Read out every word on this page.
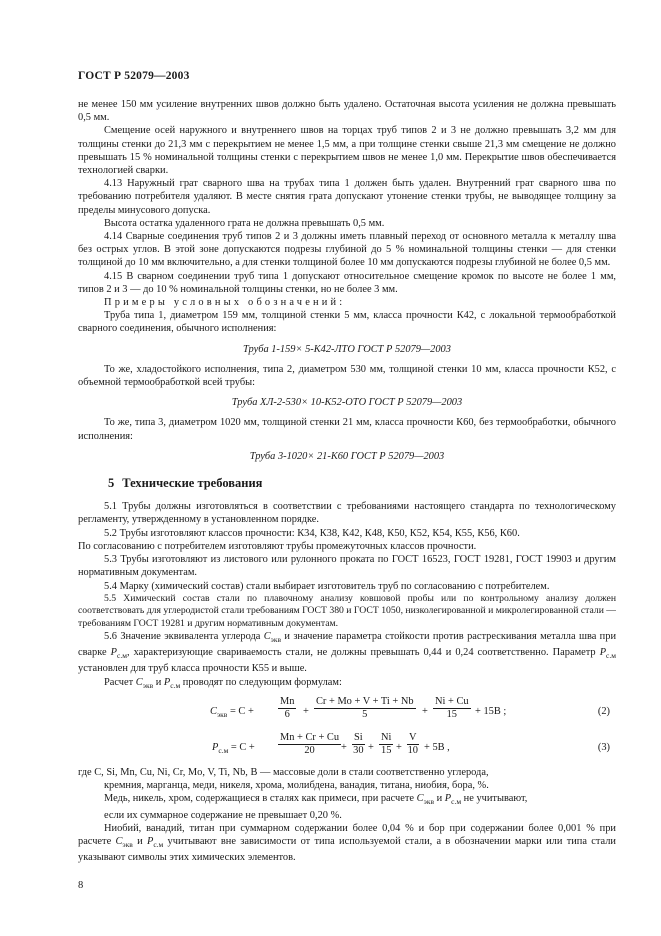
ГОСТ Р 52079—2003

не менее 150 мм усиление внутренних швов должно быть удалено. Остаточная высота усиления не должна превышать 0,5 мм.

Смещение осей наружного и внутреннего швов на торцах труб типов 2 и 3 не должно превышать 3,2 мм для толщины стенки до 21,3 мм с перекрытием не менее 1,5 мм, а при толщине стенки свыше 21,3 мм смещение не должно превышать 15 % номинальной толщины стенки с перекрытием швов не менее 1,0 мм. Перекрытие швов обеспечивается технологией сварки.

4.13 Наружный грат сварного шва на трубах типа 1 должен быть удален. Внутренний грат сварного шва по требованию потребителя удаляют. В месте снятия грата допускают утонение стенки трубы, не выводящее толщину за пределы минусового допуска.

Высота остатка удаленного грата не должна превышать 0,5 мм.

4.14 Сварные соединения труб типов 2 и 3 должны иметь плавный переход от основного металла к металлу шва без острых углов. В этой зоне допускаются подрезы глубиной до 5 % номинальной толщины стенки — для стенки толщиной до 10 мм включительно, а для стенки толщиной более 10 мм допускаются подрезы глубиной не более 0,5 мм.

4.15 В сварном соединении труб типа 1 допускают относительное смещение кромок по высоте не более 1 мм, типов 2 и 3 — до 10 % номинальной толщины стенки, но не более 3 мм.

Примеры условных обозначений:

Труба типа 1, диаметром 159 мм, толщиной стенки 5 мм, класса прочности К42, с локальной термообработкой сварного соединения, обычного исполнения:

Труба 1-159× 5-К42-ЛТО ГОСТ Р 52079—2003

То же, хладостойкого исполнения, типа 2, диаметром 530 мм, толщиной стенки 10 мм, класса прочности К52, с объемной термообработкой всей трубы:

Труба ХЛ-2-530× 10-К52-ОТО ГОСТ Р 52079—2003

То же, типа 3, диаметром 1020 мм, толщиной стенки 21 мм, класса прочности К60, без термообработки, обычного исполнения:

Труба 3-1020× 21-К60 ГОСТ Р 52079—2003

5 Технические требования

5.1 Трубы должны изготовляться в соответствии с требованиями настоящего стандарта по технологическому регламенту, утвержденному в установленном порядке.

5.2 Трубы изготовляют классов прочности: К34, К38, К42, К48, К50, К52, К54, К55, К56, К60.

По согласованию с потребителем изготовляют трубы промежуточных классов прочности.

5.3 Трубы изготовляют из листового или рулонного проката по ГОСТ 16523, ГОСТ 19281, ГОСТ 19903 и другим нормативным документам.

5.4 Марку (химический состав) стали выбирает изготовитель труб по согласованию с потребителем.

5.5 Химический состав стали по плавочному анализу ковшовой пробы или по контрольному анализу должен соответствовать для углеродистой стали требованиям ГОСТ 380 и ГОСТ 1050, низколегированной и микролегированной стали — требованиям ГОСТ 19281 и другим нормативным документам.

5.6 Значение эквивалента углерода $С_{экв}$ и значение параметра стойкости против растрескивания металла шва при сварке $Р_{с.м}$, характеризующие свариваемость стали, не должны превышать 0,44 и 0,24 соответственно. Параметр $Р_{с.м}$ установлен для труб класса прочности К55 и выше.

Расчет $С_{экв}$ и $Р_{с.м}$ проводят по следующим формулам:

$С_{экв} = С + \frac{Mn}{6} + \frac{Cr + Mo + V + Ti + Nb}{5} + \frac{Ni + Cu}{15} + 15В$ ;	(2)
$Р_{с.м} = С + \frac{Mn + Cr + Cu}{20} + \frac{Si}{30} + \frac{Ni}{15} + \frac{V}{10} + 5В$ ,	(3)

где С, Si, Mn, Cu, Ni, Cr, Mo, V, Ti, Nb, B — массовые доли в стали соответственно углерода,

кремния, марганца, меди, никеля, хрома, молибдена, ванадия, титана, ниобия, бора, %.

Медь, никель, хром, содержащиеся в сталях как примеси, при расчете $С_{экв}$ и $Р_{с.м}$ не учитывают,

если их суммарное содержание не превышает 0,20 %.

Ниобий, ванадий, титан при суммарном содержании более 0,04 % и бор при содержании более 0,001 % при расчете $С_{экв}$ и $Р_{с.м}$ учитывают вне зависимости от типа используемой стали, а в обозначении марки или типа стали указывают символы этих химических элементов.

8
